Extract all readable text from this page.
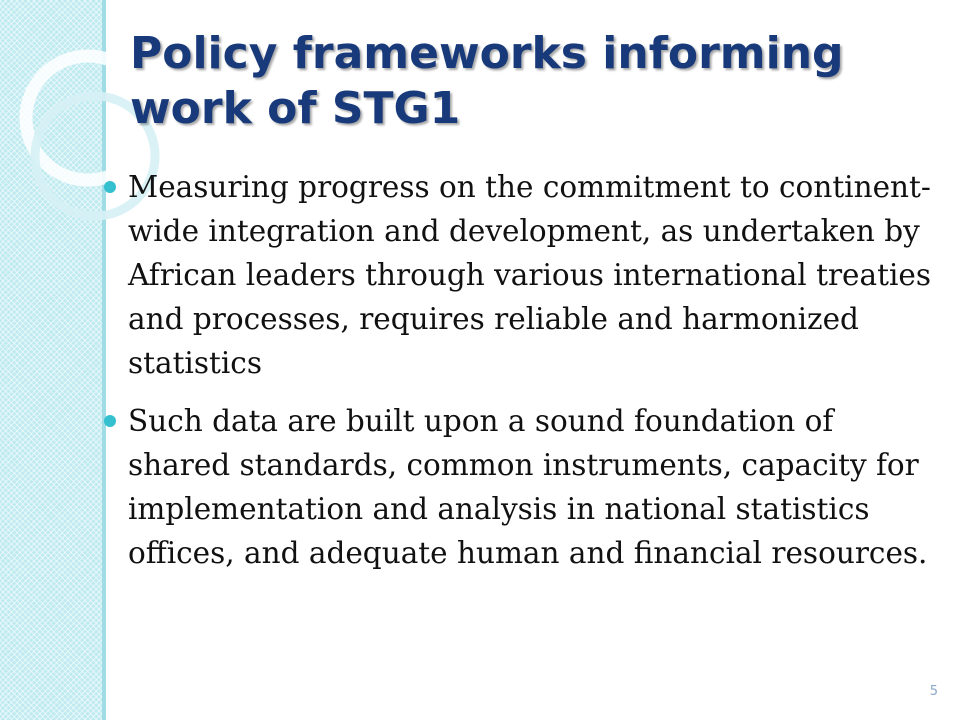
Policy frameworks informing work of STG1
Measuring progress on the commitment to continent-wide integration and development, as undertaken by African leaders through various international treaties and processes, requires reliable and harmonized statistics
Such data are built upon a sound foundation of shared standards, common instruments, capacity for implementation and analysis in national statistics offices, and adequate human and financial resources.
5
